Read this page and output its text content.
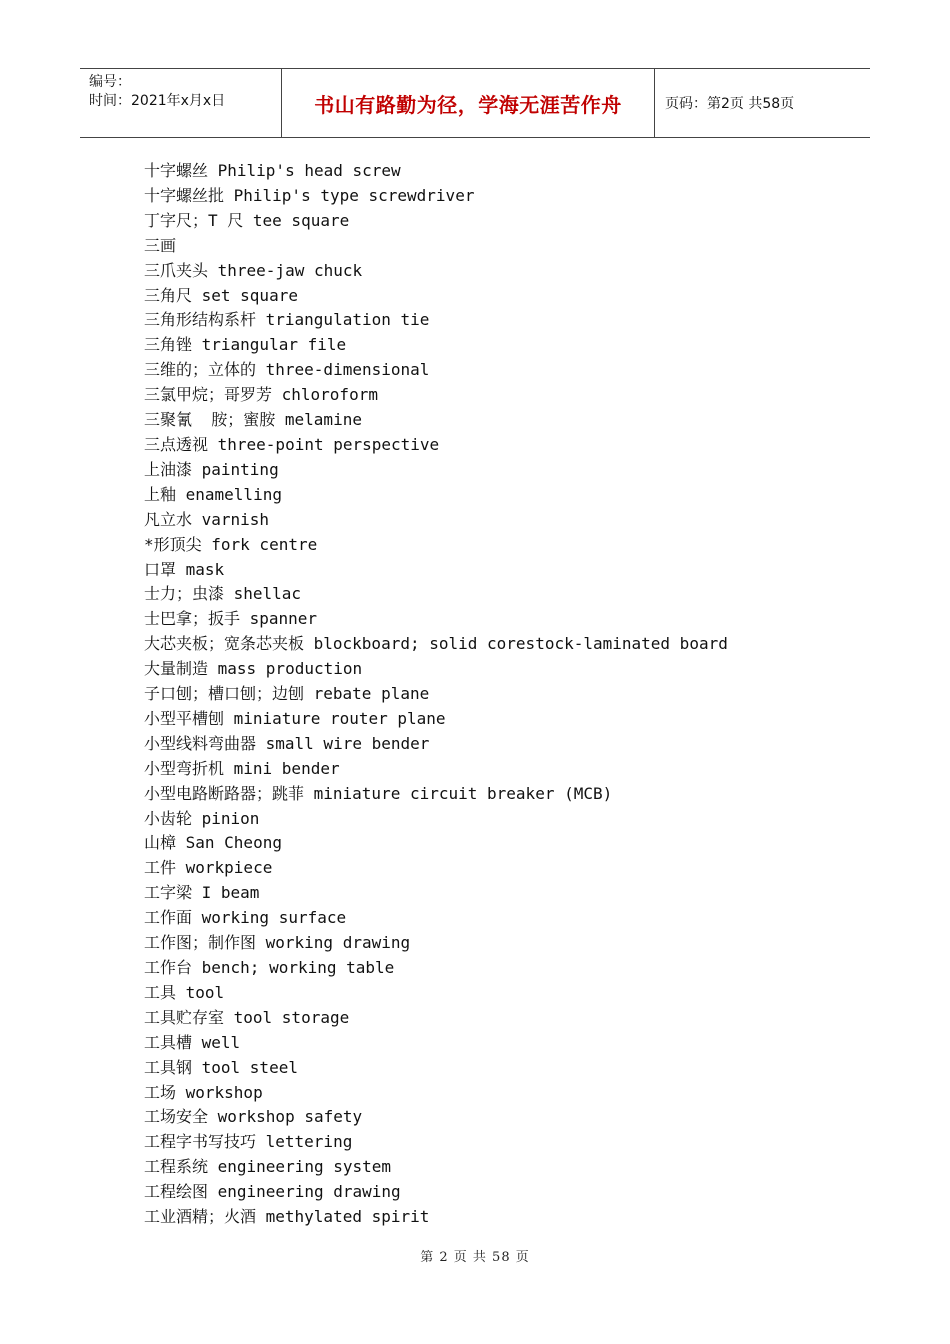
编号：
时间：2021年x月x日	书山有路勤为径，学海无涯苦作舟	页码：第2页 共58页
十字螺丝 Philip's head screw
十字螺丝批 Philip's type screwdriver
丁字尺；T 尺 tee square
三画
三爪夹头 three-jaw chuck
三角尺 set square
三角形结构系杆 triangulation tie
三角锉 triangular file
三维的；立体的 three-dimensional
三氯甲烷；哥罗芳 chloroform
三聚氰  胺；蜜胺 melamine
三点透视 three-point perspective
上油漆 painting
上釉 enamelling
凡立水 varnish
*形顶尖 fork centre
口罩 mask
士力；虫漆 shellac
士巴拿；扳手 spanner
大芯夹板；宽条芯夹板 blockboard; solid corestock-laminated board
大量制造 mass production
子口刨；槽口刨；边刨 rebate plane
小型平槽刨 miniature router plane
小型线料弯曲器 small wire bender
小型弯折机 mini bender
小型电路断路器；跳菲 miniature circuit breaker (MCB)
小齿轮 pinion
山樟 San Cheong
工件 workpiece
工字梁 I beam
工作面 working surface
工作图；制作图 working drawing
工作台 bench; working table
工具 tool
工具贮存室 tool storage
工具槽 well
工具钢 tool steel
工场 workshop
工场安全 workshop safety
工程字书写技巧 lettering
工程系统 engineering system
工程绘图 engineering drawing
工业酒精；火酒 methylated spirit
第 2 页 共 58 页
